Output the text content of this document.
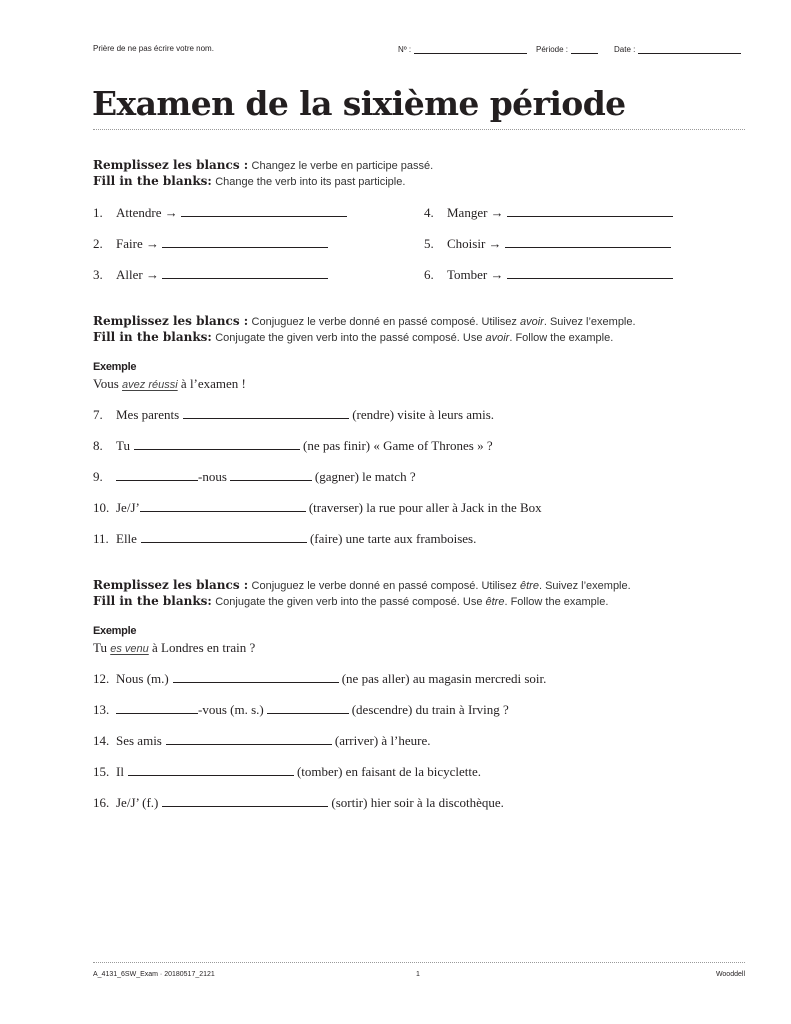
Prière de ne pas écrire votre nom.	Nº :	Période :	Date :
Examen de la sixième période
Remplissez les blancs : Changez le verbe en participe passé.
Fill in the blanks: Change the verb into its past participle.
1.	Attendre →
2.	Faire →
3.	Aller →
4.	Manger →
5.	Choisir →
6.	Tomber →
Remplissez les blancs : Conjuguez le verbe donné en passé composé. Utilisez avoir. Suivez l’exemple.
Fill in the blanks: Conjugate the given verb into the passé composé. Use avoir. Follow the example.
Exemple
Vous avez réussi à l’examen !
7.	Mes parents	(rendre) visite à leurs amis.
8.	Tu	(ne pas finir) « Game of Thrones » ?
9.	-nous	(gagner) le match ?
10. Je/J’	(traverser) la rue pour aller à Jack in the Box
11. Elle	(faire) une tarte aux framboises.
Remplissez les blancs : Conjuguez le verbe donné en passé composé. Utilisez être. Suivez l’exemple.
Fill in the blanks: Conjugate the given verb into the passé composé. Use être. Follow the example.
Exemple
Tu es venu à Londres en train ?
12. Nous (m.)	(ne pas aller) au magasin mercredi soir.
13.	-vous (m. s.)	(descendre) du train à Irving ?
14. Ses amis	(arriver) à l’heure.
15. Il	(tomber) en faisant de la bicyclette.
16. Je/J’ (f.)	(sortir) hier soir à la discothèque.
A_4131_6SW_Exam · 20180517_2121	1	Wooddell
